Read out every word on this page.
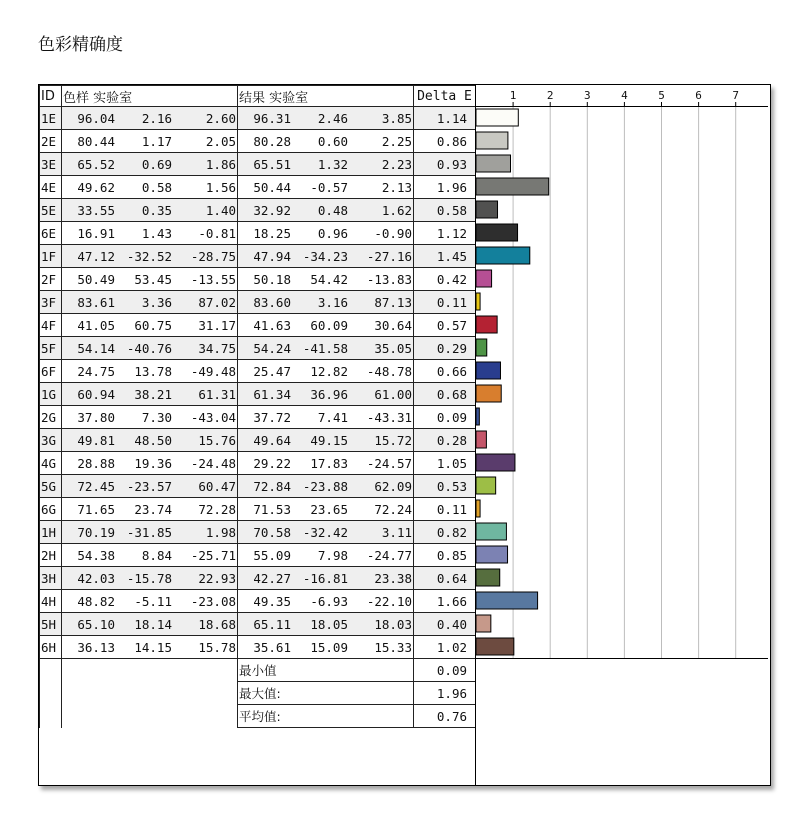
色彩精确度
ID	色样 实验室	结果 实验室	Delta E
1E	96.04 2.16 2.60	96.31 2.46 3.85	1.14
2E	80.44 1.17 2.05	80.28 0.60 2.25	0.86
3E	65.52 0.69 1.86	65.51 1.32 2.23	0.93
4E	49.62 0.58 1.56	50.44 -0.57 2.13	1.96
5E	33.55 0.35 1.40	32.92 0.48 1.62	0.58
6E	16.91 1.43 -0.81	18.25 0.96 -0.90	1.12
1F	47.12 -32.52 -28.75	47.94 -34.23 -27.16	1.45
2F	50.49 53.45 -13.55	50.18 54.42 -13.83	0.42
3F	83.61 3.36 87.02	83.60 3.16 87.13	0.11
4F	41.05 60.75 31.17	41.63 60.09 30.64	0.57
5F	54.14 -40.76 34.75	54.24 -41.58 35.05	0.29
6F	24.75 13.78 -49.48	25.47 12.82 -48.78	0.66
1G	60.94 38.21 61.31	61.34 36.96 61.00	0.68
2G	37.80 7.30 -43.04	37.72 7.41 -43.31	0.09
3G	49.81 48.50 15.76	49.64 49.15 15.72	0.28
4G	28.88 19.36 -24.48	29.22 17.83 -24.57	1.05
5G	72.45 -23.57 60.47	72.84 -23.88 62.09	0.53
6G	71.65 23.74 72.28	71.53 23.65 72.24	0.11
1H	70.19 -31.85 1.98	70.58 -32.42 3.11	0.82
2H	54.38 8.84 -25.71	55.09 7.98 -24.77	0.85
3H	42.03 -15.78 22.93	42.27 -16.81 23.38	0.64
4H	48.82 -5.11 -23.08	49.35 -6.93 -22.10	1.66
5H	65.10 18.14 18.68	65.11 18.05 18.03	0.40
6H	36.13 14.15 15.78	35.61 15.09 15.33	1.02
		最小值	0.09
		最大值:	1.96
		平均值:	0.76
1	2	3	4	5	6	7
